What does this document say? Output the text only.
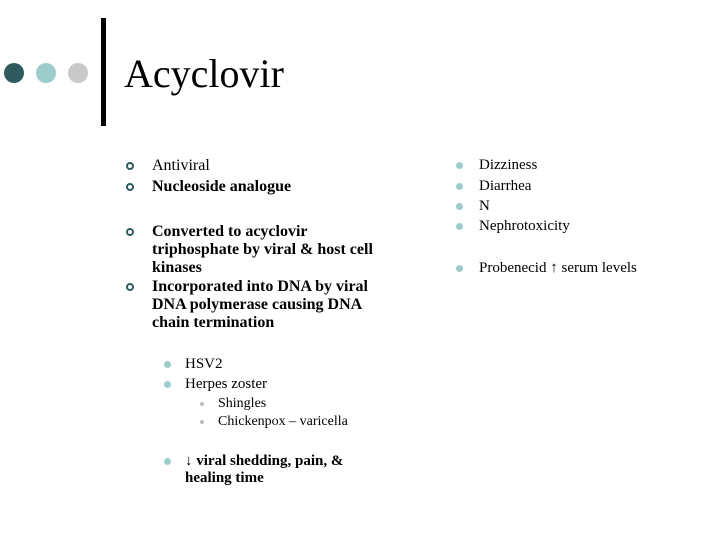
Acyclovir
Antiviral
Nucleoside analogue
Converted to acyclovir triphosphate by viral & host cell kinases
Incorporated into DNA by viral DNA polymerase causing DNA chain termination
HSV2
Herpes zoster
Shingles
Chickenpox – varicella
↓ viral shedding, pain, & healing time
Dizziness
Diarrhea
N
Nephrotoxicity
Probenecid ↑ serum levels
